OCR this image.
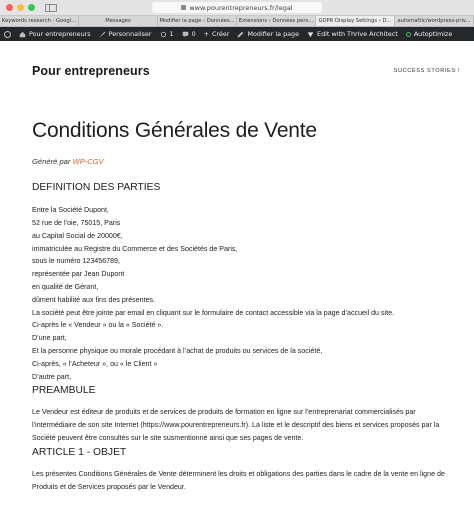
www.pourentrepreneurs.fr/legal
Keywords research - Googl...	Messages	Modifier la page ‹ Données... Extensions ‹ Données pers...	GDPR Display Settings ‹ D...	automattic/wordpress-priv...
Pour entrepreneurs	Personnaliser	1	0 + Créer	Modifier la page	Edit with Thrive Architect	Autoptimize
Pour entrepreneurs	SUCCESS STORIES !
Conditions Générales de Vente

Généré par WP-CGV

DEFINITION DES PARTIES
Entre la Société Dupont,
52 rue de l’oie, 75015, Paris
au Capital Social de 20000€,
immatriculée au Registre du Commerce et des Sociétés de Paris,
sous le numéro 123456789,
représentée par Jean Dupont
en qualité de Gérant,
dûment habilité aux fins des présentes.
La société peut être jointe par email en cliquant sur le formulaire de contact accessible via la page d’accueil du site.
Ci-après le « Vendeur » ou la « Société ».
D’une part,
Et la personne physique ou morale procédant à l’achat de produits ou services de la société,
Ci-après, « l’Acheteur », ou « le Client »
D’autre part,
PREAMBULE

Le Vendeur est éditeur de produits et de services de produits de formation en ligne sur l’entreprenariat commercialisés par l’intermédiaire de son site Internet (https://www.pourentrepreneurs.fr). La liste et le descriptif des biens et services proposés par la Société peuvent être consultés sur le site susmentionné ainsi que ses pages de vente.

ARTICLE 1 - OBJET

Les présentes Conditions Générales de Vente déterminent les droits et obligations des parties dans le cadre de la vente en ligne de Produits et de Services proposés par le Vendeur.
